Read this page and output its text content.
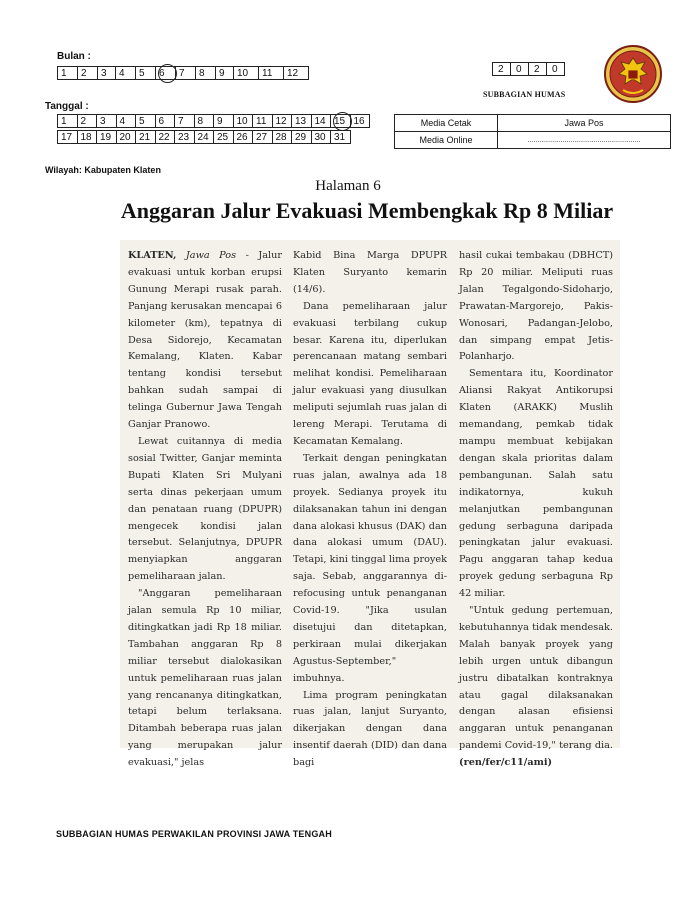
Bulan :
1	2	3	4	5	6	7	8	9	10	11	12
Tanggal :
1	2	3	4	5	6	7	8	9	10 11 12 13 14 15 16
17 18 19 20 21 22 23 24 25 26 27 28 29 30 31
2	0	2	0
SUBBAGIAN HUMAS
Media Cetak	Jawa Pos
Media Online	..........................................................
Wilayah: Kabupaten Klaten
Halaman 6
Anggaran Jalur Evakuasi Membengkak Rp 8 Miliar

KLATEN, Jawa Pos - Jalur evakuasi untuk korban erupsi Gunung Merapi rusak parah. Panjang kerusakan mencapai 6 kilometer (km), tepatnya di Desa Sidorejo, Kecamatan Kemalang, Klaten. Kabar tentang kondisi tersebut bahkan sudah sampai di telinga Gubernur Jawa Tengah Ganjar Pranowo.

Lewat cuitannya di media sosial Twitter, Ganjar meminta Bupati Klaten Sri Mulyani serta dinas pekerjaan umum dan penataan ruang (DPUPR) mengecek kondisi jalan tersebut. Selanjutnya, DPUPR menyiapkan anggaran pemeliharaan jalan.

"Anggaran pemeliharaan jalan semula Rp 10 miliar, ditingkatkan jadi Rp 18 miliar. Tambahan anggaran Rp 8 miliar tersebut dialokasikan untuk pemeliharaan ruas jalan yang rencananya ditingkatkan, tetapi belum terlaksana. Ditambah beberapa ruas jalan yang merupakan jalur evakuasi," jelas

Kabid Bina Marga DPUPR Klaten Suryanto kemarin (14/6).

Dana pemeliharaan jalur evakuasi terbilang cukup besar. Karena itu, diperlukan perencanaan matang sembari melihat kondisi. Pemeliharaan jalur evakuasi yang diusulkan meliputi sejumlah ruas jalan di lereng Merapi. Terutama di Kecamatan Kemalang.

Terkait dengan peningkatan ruas jalan, awalnya ada 18 proyek. Sedianya proyek itu dilaksanakan tahun ini dengan dana alokasi khusus (DAK) dan dana alokasi umum (DAU). Tetapi, kini tinggal lima proyek saja. Sebab, anggarannya di-refocusing untuk penanganan Covid-19. "Jika usulan disetujui dan ditetapkan, perkiraan mulai dikerjakan Agustus-September," imbuhnya.

Lima program peningkatan ruas jalan, lanjut Suryanto, dikerjakan dengan dana insentif daerah (DID) dan dana bagi

hasil cukai tembakau (DBHCT) Rp 20 miliar. Meliputi ruas Jalan Tegalgondo-Sidoharjo, Prawatan-Margorejo, Pakis-Wonosari, Padangan-Jelobo, dan simpang empat Jetis-Polanharjo.

Sementara itu, Koordinator Aliansi Rakyat Antikorupsi Klaten (ARAKK) Muslih memandang, pemkab tidak mampu membuat kebijakan dengan skala prioritas dalam pembangunan. Salah satu indikatornya, kukuh melanjutkan pembangunan gedung serbaguna daripada peningkatan jalur evakuasi. Pagu anggaran tahap kedua proyek gedung serbaguna Rp 42 miliar.

"Untuk gedung pertemuan, kebutuhannya tidak mendesak. Malah banyak proyek yang lebih urgen untuk dibangun justru dibatalkan kontraknya atau gagal dilaksanakan dengan alasan efisiensi anggaran untuk penanganan pandemi Covid-19," terang dia. (ren/fer/c11/ami)

SUBBAGIAN HUMAS PERWAKILAN PROVINSI JAWA TENGAH
